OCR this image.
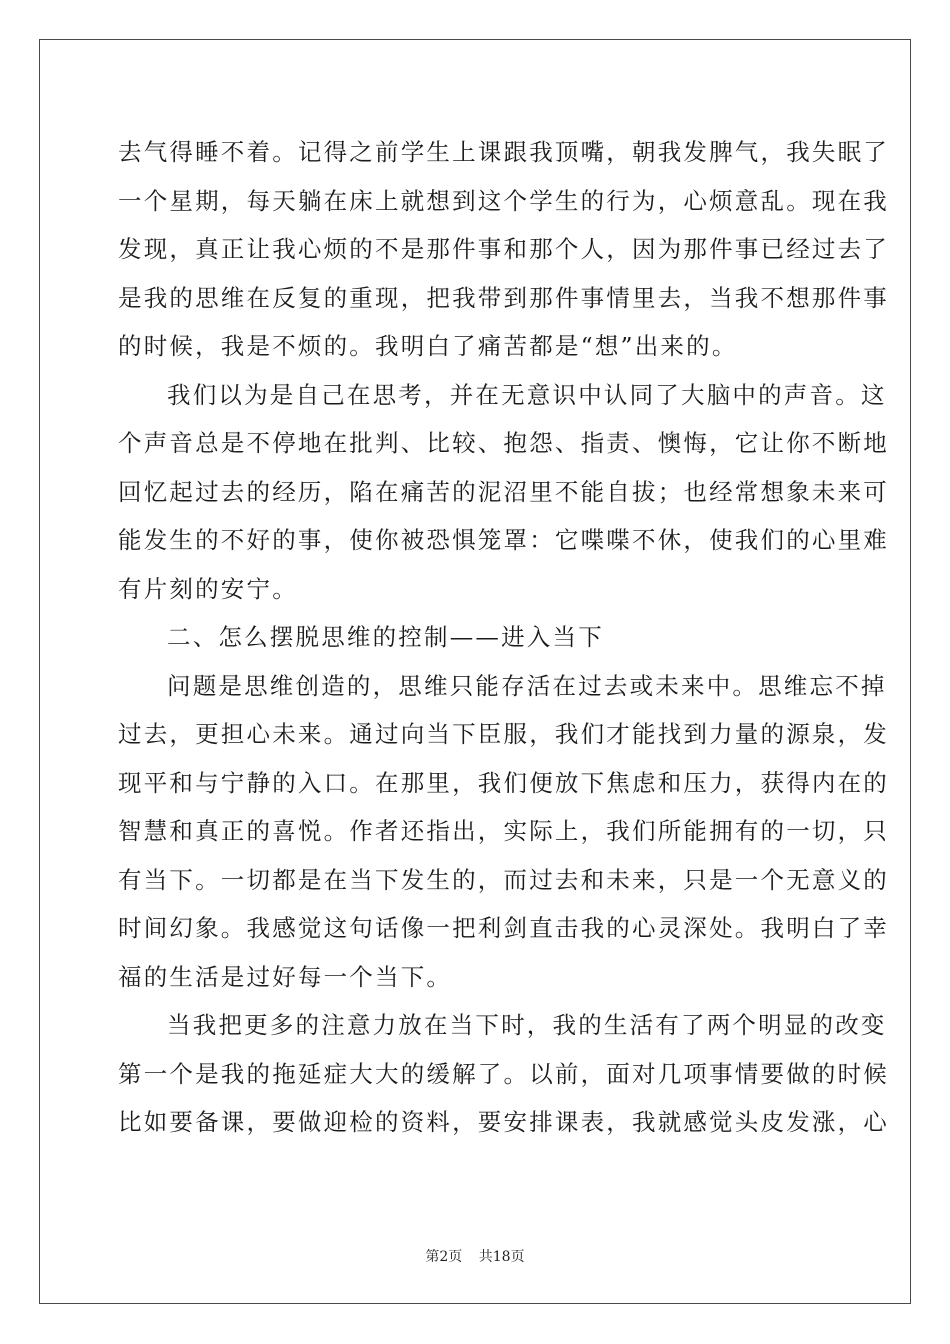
去气得睡不着。记得之前学生上课跟我顶嘴，朝我发脾气，我失眠了
一个星期，每天躺在床上就想到这个学生的行为，心烦意乱。现在我
发现，真正让我心烦的不是那件事和那个人，因为那件事已经过去了
是我的思维在反复的重现，把我带到那件事情里去，当我不想那件事
的时候，我是不烦的。我明白了痛苦都是“想”出来的。
我们以为是自己在思考，并在无意识中认同了大脑中的声音。这
个声音总是不停地在批判、比较、抱怨、指责、懊悔，它让你不断地
回忆起过去的经历，陷在痛苦的泥沼里不能自拔；也经常想象未来可
能发生的不好的事，使你被恐惧笼罩：它喋喋不休，使我们的心里难
有片刻的安宁。
二、怎么摆脱思维的控制——进入当下
问题是思维创造的，思维只能存活在过去或未来中。思维忘不掉
过去，更担心未来。通过向当下臣服，我们才能找到力量的源泉，发
现平和与宁静的入口。在那里，我们便放下焦虑和压力，获得内在的
智慧和真正的喜悦。作者还指出，实际上，我们所能拥有的一切，只
有当下。一切都是在当下发生的，而过去和未来，只是一个无意义的
时间幻象。我感觉这句话像一把利剑直击我的心灵深处。我明白了幸
福的生活是过好每一个当下。
当我把更多的注意力放在当下时，我的生活有了两个明显的改变
第一个是我的拖延症大大的缓解了。以前，面对几项事情要做的时候
比如要备课，要做迎检的资料，要安排课表，我就感觉头皮发涨，心
第2页 共18页
